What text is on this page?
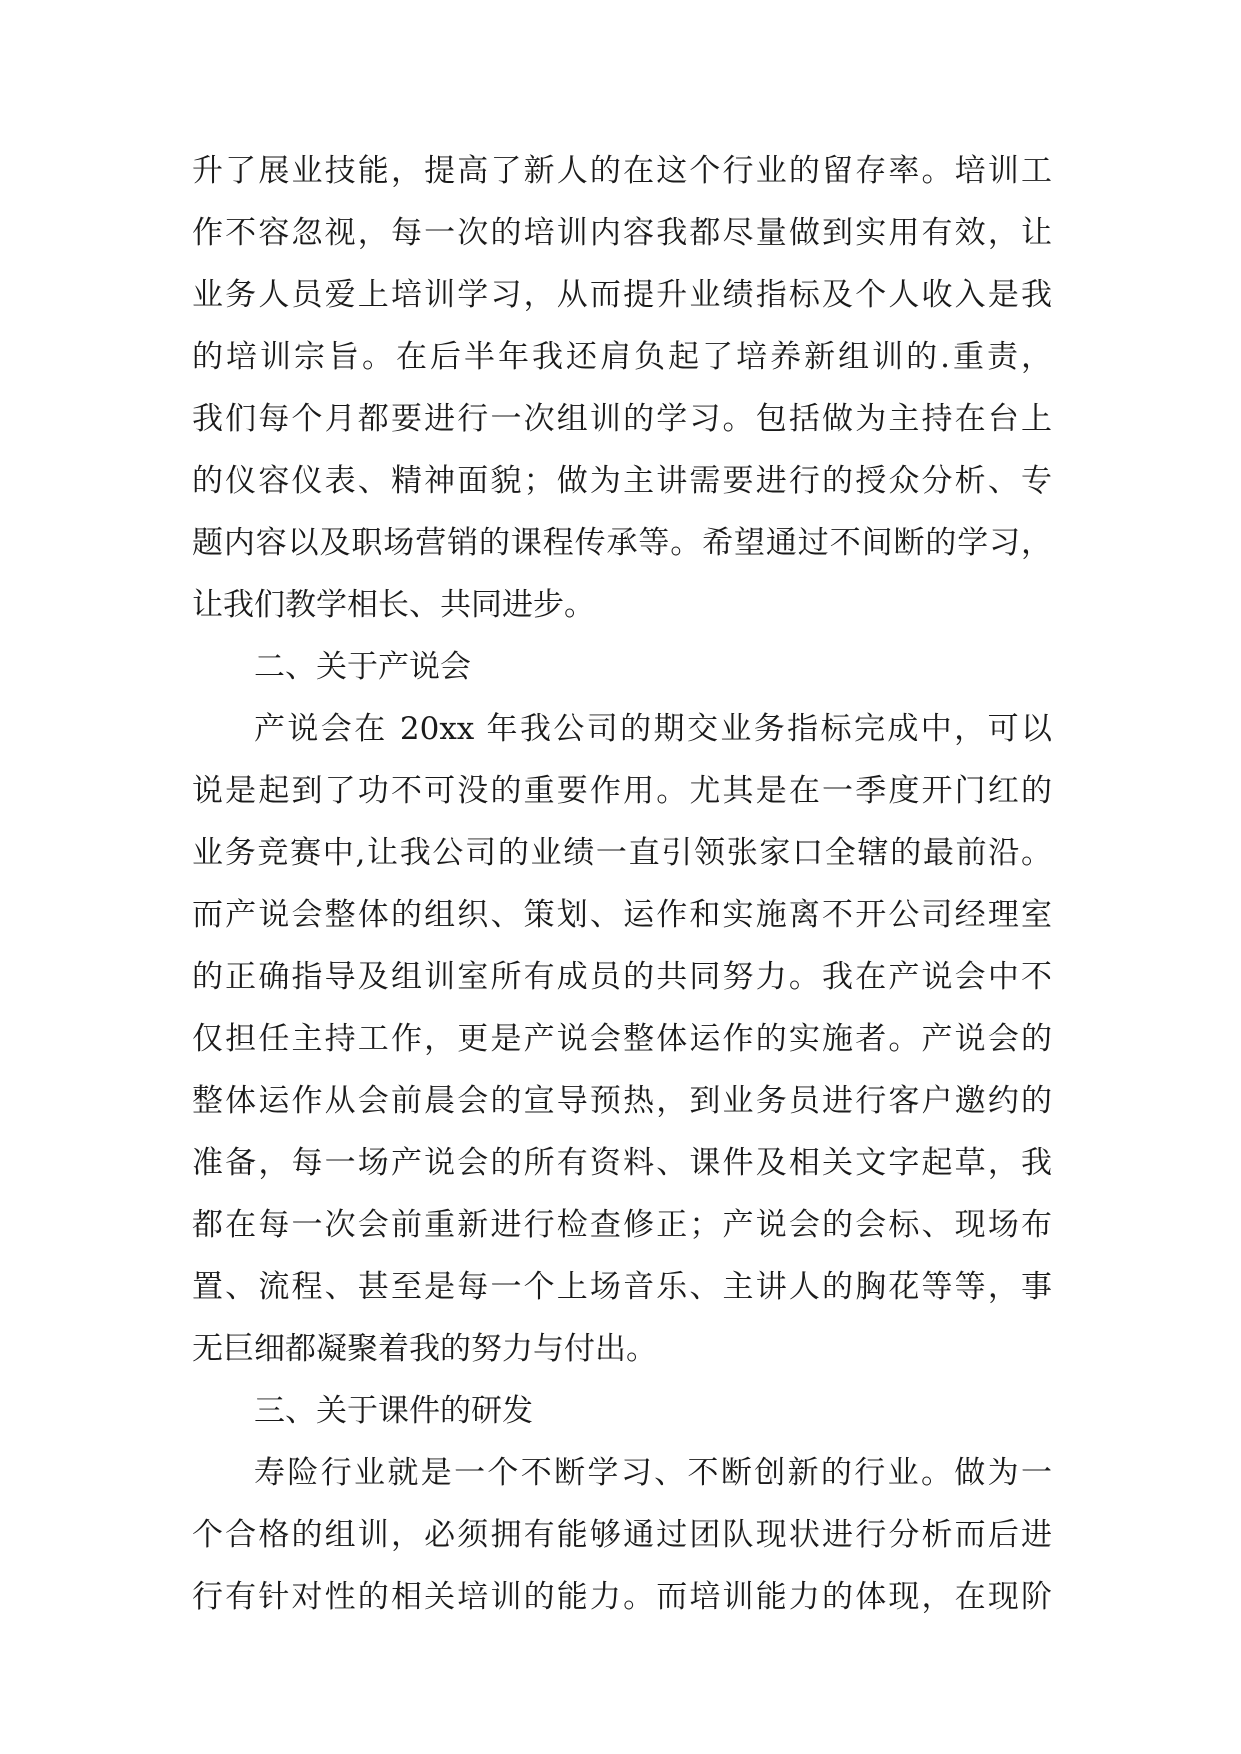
升了展业技能，提高了新人的在这个行业的留存率。培训工
作不容忽视，每一次的培训内容我都尽量做到实用有效，让
业务人员爱上培训学习，从而提升业绩指标及个人收入是我
的培训宗旨。在后半年我还肩负起了培养新组训的.重责，
我们每个月都要进行一次组训的学习。包括做为主持在台上
的仪容仪表、精神面貌；做为主讲需要进行的授众分析、专
题内容以及职场营销的课程传承等。希望通过不间断的学习，
让我们教学相长、共同进步。
二、关于产说会
产说会在 20xx 年我公司的期交业务指标完成中，可以
说是起到了功不可没的重要作用。尤其是在一季度开门红的
业务竞赛中,让我公司的业绩一直引领张家口全辖的最前沿。
而产说会整体的组织、策划、运作和实施离不开公司经理室
的正确指导及组训室所有成员的共同努力。我在产说会中不
仅担任主持工作，更是产说会整体运作的实施者。产说会的
整体运作从会前晨会的宣导预热，到业务员进行客户邀约的
准备，每一场产说会的所有资料、课件及相关文字起草，我
都在每一次会前重新进行检查修正；产说会的会标、现场布
置、流程、甚至是每一个上场音乐、主讲人的胸花等等，事
无巨细都凝聚着我的努力与付出。
三、关于课件的研发
寿险行业就是一个不断学习、不断创新的行业。做为一
个合格的组训，必须拥有能够通过团队现状进行分析而后进
行有针对性的相关培训的能力。而培训能力的体现，在现阶
